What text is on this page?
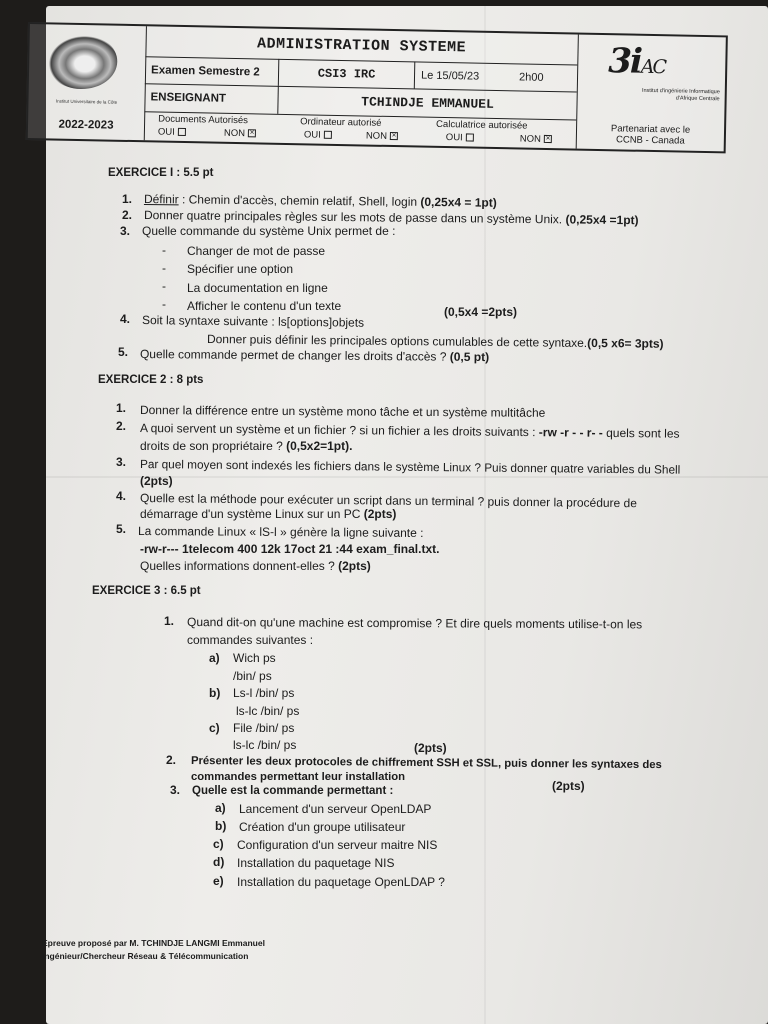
Institut Universitaire de la Côte
ADMINISTRATION SYSTEME
Examen Semestre 2	CSI3 IRC	Le 15/05/23	2h00
ENSEIGNANT	TCHINDJE EMMANUEL
3iAC
Institut d'ingénierie Informatique d'Afrique Centrale
2022-2023	Documents Autorisés
OUI	NON ✕
Ordinateur autorisé
OUI	NON ✕
Calculatrice autorisée
OUI	NON ✕
Partenariat avec le
CCNB - Canada
EXERCICE I : 5.5 pt
1. Définir : Chemin d'accès, chemin relatif, Shell, login (0,25x4 = 1pt)
2. Donner quatre principales règles sur les mots de passe dans un système Unix. (0,25x4 =1pt)
3. Quelle commande du système Unix permet de :
- Changer de mot de passe
- Spécifier une option
- La documentation en ligne
- Afficher le contenu d'un texte	(0,5x4 =2pts)
4. Soit la syntaxe suivante : ls[options]objets
Donner puis définir les principales options cumulables de cette syntaxe.(0,5 x6= 3pts)
5. Quelle commande permet de changer les droits d'accès ? (0,5 pt)
EXERCICE 2 : 8 pts
1. Donner la différence entre un système mono tâche et un système multitâche
2. A quoi servent un système et un fichier ? si un fichier a les droits suivants : -rw -r - - r- - quels sont les
droits de son propriétaire ? (0,5x2=1pt).
3. Par quel moyen sont indexés les fichiers dans le système Linux ? Puis donner quatre variables du Shell
(2pts)
4. Quelle est la méthode pour exécuter un script dans un terminal ? puis donner la procédure de
démarrage d'un système Linux sur un PC (2pts)
5. La commande Linux « lS-l » génère la ligne suivante :
-rw-r--- 1telecom 400 12k 17oct 21 :44 exam_final.txt.
Quelles informations donnent-elles ? (2pts)
EXERCICE 3 : 6.5 pt
1. Quand dit-on qu'une machine est compromise ? Et dire quels moments utilise-t-on les
commandes suivantes :
a) Wich ps
/bin/ ps
b) Ls-l /bin/ ps
ls-lc /bin/ ps
c) File /bin/ ps
ls-lc /bin/ ps	(2pts)
2. Présenter les deux protocoles de chiffrement SSH et SSL, puis donner les syntaxes des
commandes permettant leur installation
(2pts)
3. Quelle est la commande permettant :
a) Lancement d'un serveur OpenLDAP
b) Création d'un groupe utilisateur
c) Configuration d'un serveur maitre NIS
d) Installation du paquetage NIS
e) Installation du paquetage OpenLDAP ?
Epreuve proposé par M. TCHINDJE LANGMI Emmanuel
Ingénieur/Chercheur Réseau & Télécommunication
